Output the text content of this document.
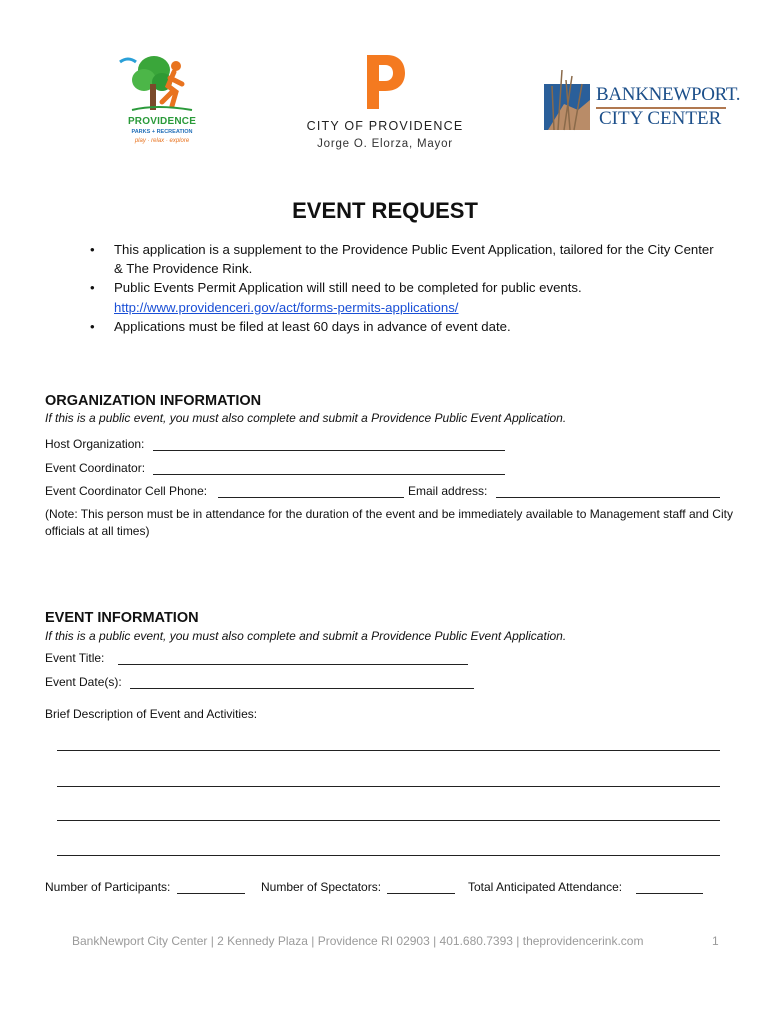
PROVIDENCE
PARKS + RECREATION
play · relax · explore
CITY OF PROVIDENCE
Jorge O. Elorza, Mayor
BANKNEWPORT.
CITY CENTER
EVENT REQUEST
• This application is a supplement to the Providence Public Event Application, tailored for the City Center & The Providence Rink.
• Public Events Permit Application will still need to be completed for public events.
http://www.providenceri.gov/act/forms-permits-applications/
• Applications must be filed at least 60 days in advance of event date.
ORGANIZATION INFORMATION
If this is a public event, you must also complete and submit a Providence Public Event Application.
Host Organization:
Event Coordinator:
Event Coordinator Cell Phone:	Email address:
(Note: This person must be in attendance for the duration of the event and be immediately available to Management staff and City officials at all times)
EVENT INFORMATION
If this is a public event, you must also complete and submit a Providence Public Event Application.
Event Title:
Event Date(s):
Brief Description of Event and Activities:
Number of Participants:	Number of Spectators:	Total Anticipated Attendance:
BankNewport City Center | 2 Kennedy Plaza | Providence RI 02903 | 401.680.7393 | theprovidencerink.com	1
